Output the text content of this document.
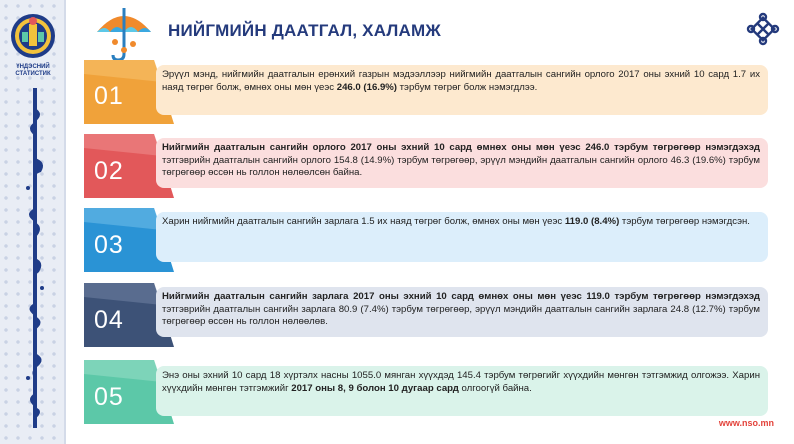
ҮНДЭСНИЙ СТАТИСТИК
НИЙГМИЙН ДААТГАЛ, ХАЛАМЖ
01
Эрүүл мэнд, нийгмийн даатгалын ерөнхий газрын мэдээллээр нийгмийн даатгалын сангийн орлого 2017 оны эхний 10 сард 1.7 их наяд төгрөг болж, өмнөх оны мөн үеэс 246.0 (16.9%) тэрбум төгрөг болж нэмэгдлээ.
02
Нийгмийн даатгалын сангийн орлого 2017 оны эхний 10 сард өмнөх оны мөн үеэс 246.0 тэрбум төгрөгөөр нэмэгдэхэд тэтгэврийн даатгалын сангийн орлого 154.8 (14.9%) тэрбум төгрөгөөр, эрүүл мэндийн даатгалын сангийн орлого 46.3 (19.6%) тэрбум төгрөгөөр өссөн нь голлон нөлөөлсөн байна.
03
Харин нийгмийн даатгалын сангийн зарлага 1.5 их наяд төгрөг болж, өмнөх оны мөн үеэс 119.0 (8.4%) тэрбум төгрөгөөр нэмэгдсэн.
04
Нийгмийн даатгалын сангийн зарлага 2017 оны эхний 10 сард өмнөх оны мөн үеэс 119.0 тэрбум төгрөгөөр нэмэгдэхэд тэтгэврийн даатгалын сангийн зарлага 80.9 (7.4%) тэрбум төгрөгөөр, эрүүл мэндийн даатгалын сангийн зарлага 24.8 (12.7%) тэрбум төгрөгөөр өссөн нь голлон нөлөөлөв.
05
Энэ оны эхний 10 сард 18 хүртэлх насны 1055.0 мянган хүүхдэд 145.4 тэрбум төгрөгийг хүүхдийн мөнгөн тэтгэмжид олгожээ. Харин хүүхдийн мөнгөн тэтгэмжийг 2017 оны 8, 9 болон 10 дугаар сард олгоогүй байна.
www.nso.mn
